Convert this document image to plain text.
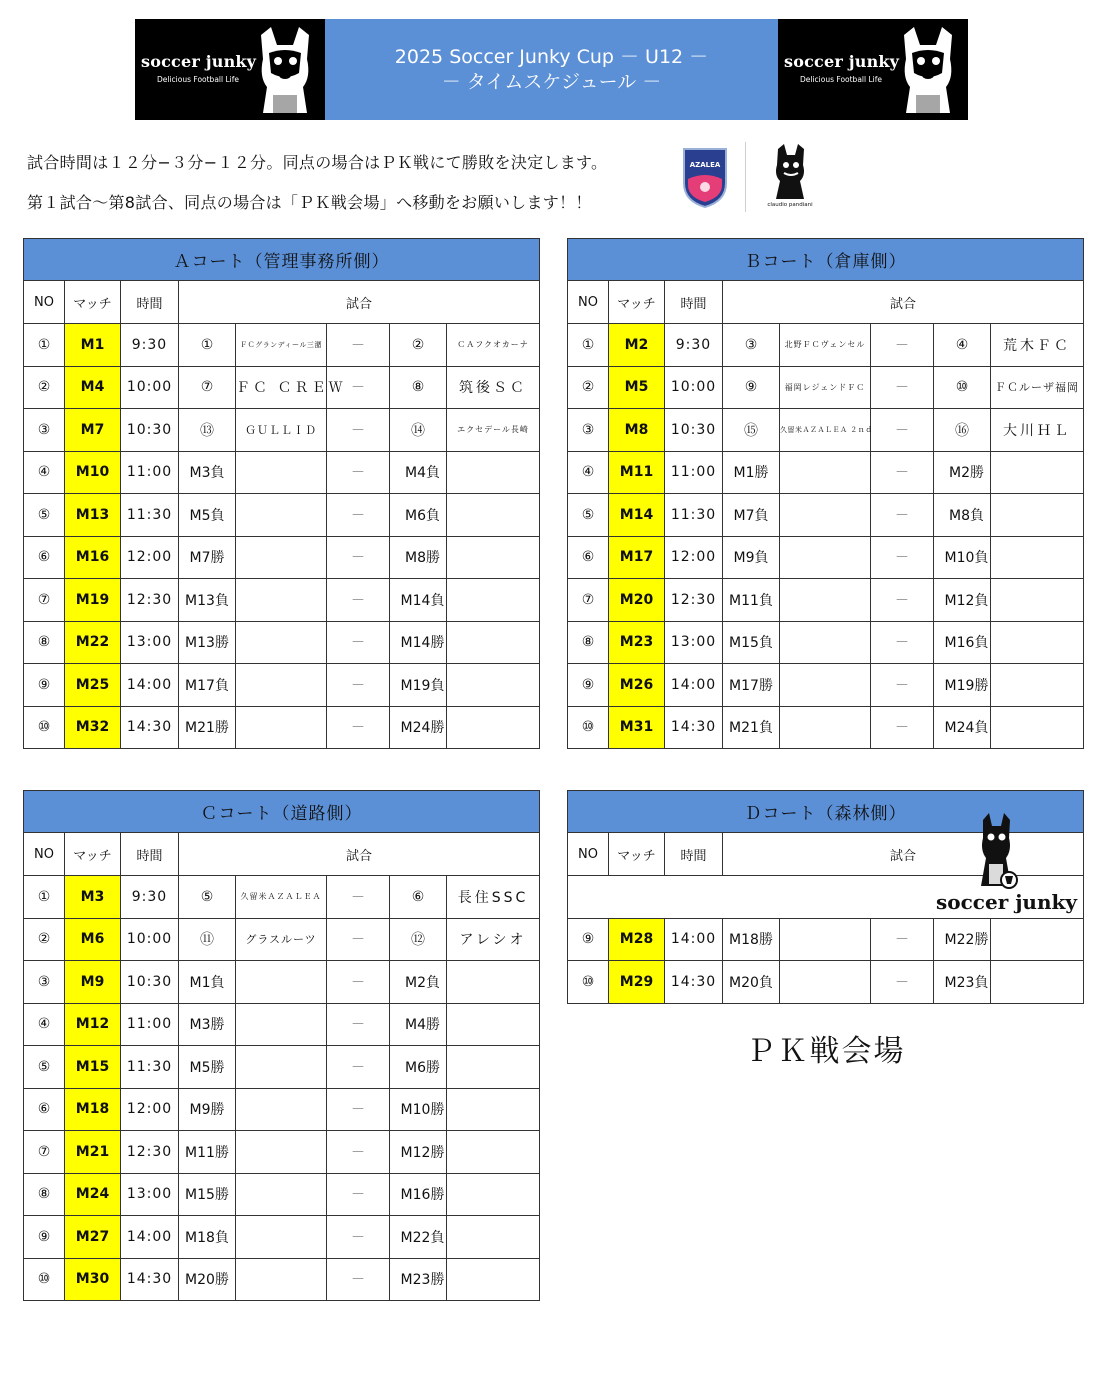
soccer junky
Delicious Football Life
2025 Soccer Junky Cup － U12 －
－ タイムスケジュール －
soccer junky
Delicious Football Life
試合時間は１２分−３分−１２分。同点の場合はＰＫ戦にて勝敗を決定します。
第１試合〜第8試合、同点の場合は「ＰＫ戦会場」へ移動をお願いします！！
AZALEA
claudio pandiani
Ａコート（管理事務所側）							
NO	マッチ	時間	試合				
①	M1	9:30	①	ＦＣグランディール三潴	－	②	ＣＡフクオカーナ
②	M4	10:00	⑦	ＦＣ ＣＲＥＷ	－	⑧	筑後ＳＣ
③	M7	10:30	⑬	ＧＵＬＬＩＤ	－	⑭	エクセデール長崎
④	M10	11:00	M3負		－	M4負	
⑤	M13	11:30	M5負		－	M6負	
⑥	M16	12:00	M7勝		－	M8勝	
⑦	M19	12:30	M13負		－	M14負	
⑧	M22	13:00	M13勝		－	M14勝	
⑨	M25	14:00	M17負		－	M19負	
⑩	M32	14:30	M21勝		－	M24勝	
Ｂコート（倉庫側）							
NO	マッチ	時間	試合				
①	M2	9:30	③	北野ＦＣヴェンセル	－	④	荒木ＦＣ
②	M5	10:00	⑨	福岡レジェンドＦＣ	－	⑩	ＦＣルーザ福岡
③	M8	10:30	⑮	久留米ＡＺＡＬＥＡ ２ｎｄ	－	⑯	大川ＨＬ
④	M11	11:00	M1勝		－	M2勝	
⑤	M14	11:30	M7負		－	M8負	
⑥	M17	12:00	M9負		－	M10負	
⑦	M20	12:30	M11負		－	M12負	
⑧	M23	13:00	M15負		－	M16負	
⑨	M26	14:00	M17勝		－	M19勝	
⑩	M31	14:30	M21負		－	M24負	
Ｃコート（道路側）							
NO	マッチ	時間	試合				
①	M3	9:30	⑤	久留米ＡＺＡＬＥＡ	－	⑥	長住SSC
②	M6	10:00	⑪	グラスルーツ	－	⑫	アレシオ
③	M9	10:30	M1負		－	M2負	
④	M12	11:00	M3勝		－	M4勝	
⑤	M15	11:30	M5勝		－	M6勝	
⑥	M18	12:00	M9勝		－	M10勝	
⑦	M21	12:30	M11勝		－	M12勝	
⑧	M24	13:00	M15勝		－	M16勝	
⑨	M27	14:00	M18負		－	M22負	
⑩	M30	14:30	M20勝		－	M23勝	
Ｄコート（森林側）							
NO	マッチ	時間	試合				

ＰＫ戦会場
soccer junky							

⑨	M28	14:00	M18勝		－	M22勝	
⑩	M29	14:30	M20負		－	M23負	
